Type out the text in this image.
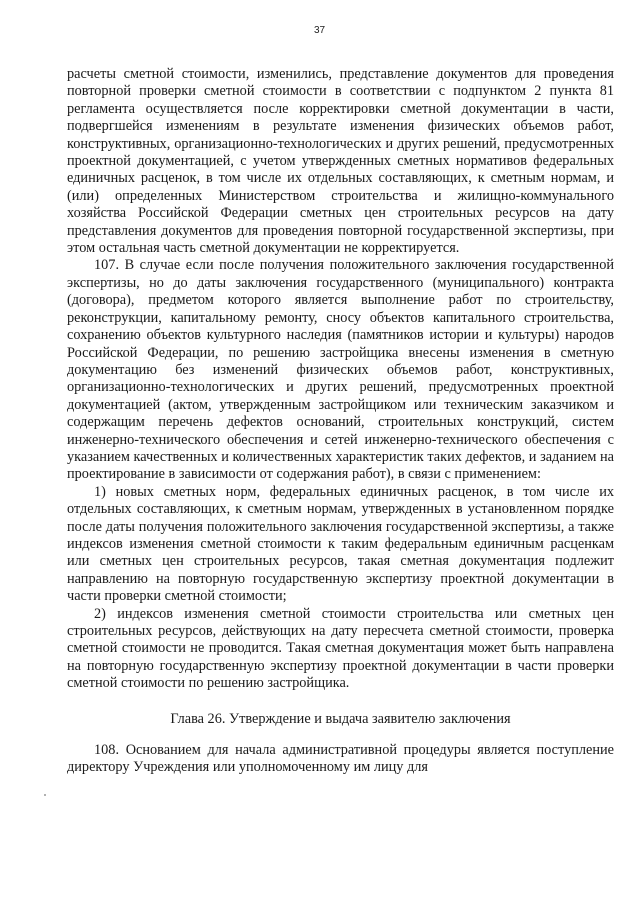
37

расчеты сметной стоимости, изменились, представление документов для проведения повторной проверки сметной стоимости в соответствии с подпунктом 2 пункта 81 регламента осуществляется после корректировки сметной документации в части, подвергшейся изменениям в результате изменения физических объемов работ, конструктивных, организационно-технологических и других решений, предусмотренных проектной документацией, с учетом утвержденных сметных нормативов федеральных единичных расценок, в том числе их отдельных составляющих, к сметным нормам, и (или) определенных Министерством строительства и жилищно-коммунального хозяйства Российской Федерации сметных цен строительных ресурсов на дату представления документов для проведения повторной государственной экспертизы, при этом остальная часть сметной документации не корректируется.

107. В случае если после получения положительного заключения государственной экспертизы, но до даты заключения государственного (муниципального) контракта (договора), предметом которого является выполнение работ по строительству, реконструкции, капитальному ремонту, сносу объектов капитального строительства, сохранению объектов культурного наследия (памятников истории и культуры) народов Российской Федерации, по решению застройщика внесены изменения в сметную документацию без изменений физических объемов работ, конструктивных, организационно-технологических и других решений, предусмотренных проектной документацией (актом, утвержденным застройщиком или техническим заказчиком и содержащим перечень дефектов оснований, строительных конструкций, систем инженерно-технического обеспечения и сетей инженерно-технического обеспечения с указанием качественных и количественных характеристик таких дефектов, и заданием на проектирование в зависимости от содержания работ), в связи с применением:

1) новых сметных норм, федеральных единичных расценок, в том числе их отдельных составляющих, к сметным нормам, утвержденных в установленном порядке после даты получения положительного заключения государственной экспертизы, а также индексов изменения сметной стоимости к таким федеральным единичным расценкам или сметных цен строительных ресурсов, такая сметная документация подлежит направлению на повторную государственную экспертизу проектной документации в части проверки сметной стоимости;

2) индексов изменения сметной стоимости строительства или сметных цен строительных ресурсов, действующих на дату пересчета сметной стоимости, проверка сметной стоимости не проводится. Такая сметная документация может быть направлена на повторную государственную экспертизу проектной документации в части проверки сметной стоимости по решению застройщика.

Глава 26. Утверждение и выдача заявителю заключения

108. Основанием для начала административной процедуры является поступление директору Учреждения или уполномоченному им лицу для
